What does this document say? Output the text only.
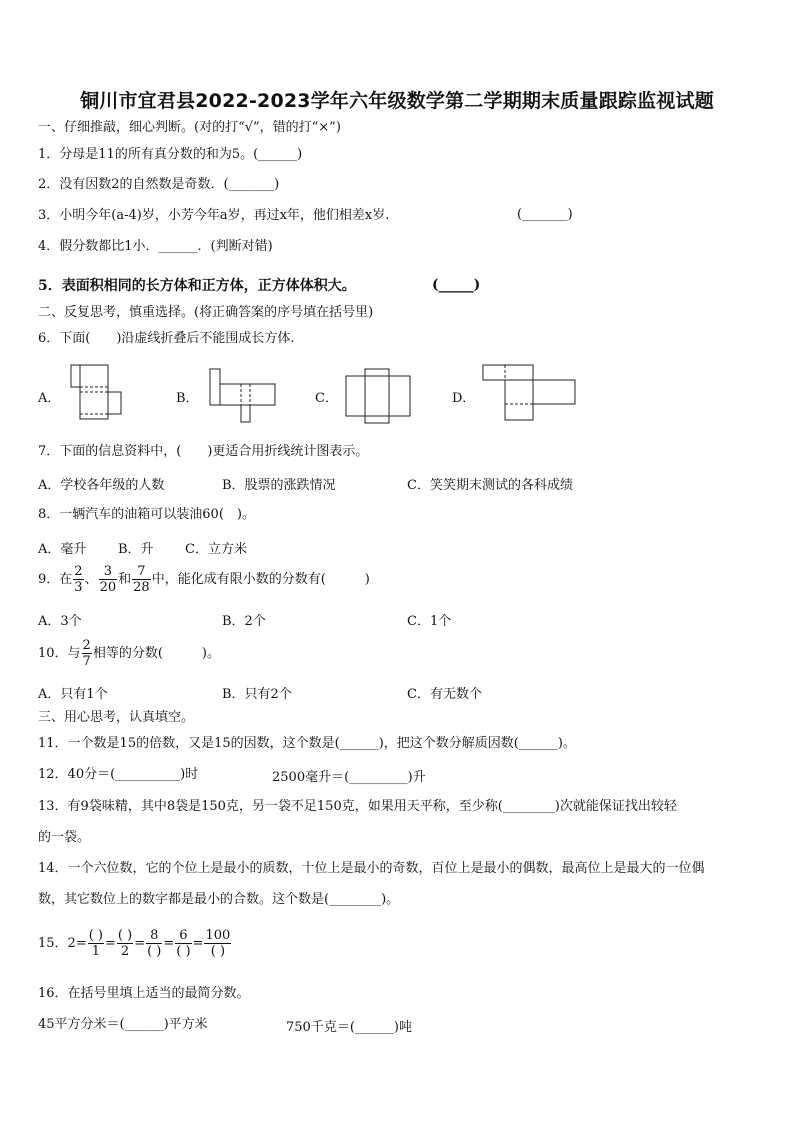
铜川市宜君县2022-2023学年六年级数学第二学期期末质量跟踪监视试题
一、仔细推敲，细心判断。(对的打“√”，错的打“×”)
1．分母是11的所有真分数的和为5。(______)
2．没有因数2的自然数是奇数．(_______)
3．小明今年(a-4)岁，小芳今年a岁，再过x年，他们相差x岁.	(_______)
4．假分数都比1小．______．(判断对错)
5．表面积相同的长方体和正方体，正方体体积大。	(_____)
二、反复思考，慎重选择。(将正确答案的序号填在括号里)
6．下面(　　)沿虚线折叠后不能围成长方体.
A．	B．	C．	D．
7．下面的信息资料中，(　　)更适合用折线统计图表示。
A．学校各年级的人数	B．股票的涨跌情况	C．笑笑期末测试的各科成绩
8．一辆汽车的油箱可以装油60(　)。
A．毫升 B．升 C．立方米
9．在 $\frac{2}{3}$ 、 $\frac{3}{20}$ 和 $\frac{7}{28}$ 中，能化成有限小数的分数有(　　　)
A．3个	B．2个	C．1个
10．与 $\frac{2}{7}$ 相等的分数(　　　)。
A．只有1个	B．只有2个	C．有无数个
三、用心思考，认真填空。
11．一个数是15的倍数，又是15的因数，这个数是(______)，把这个数分解质因数(______)。
12．40分＝(__________)时	2500毫升＝(_________)升
13．有9袋味精，其中8袋是150克，另一袋不足150克，如果用天平称，至少称(________)次就能保证找出较轻
的一袋。
14．一个六位数，它的个位上是最小的质数，十位上是最小的奇数，百位上是最小的偶数，最高位上是最大的一位偶
数，其它数位上的数字都是最小的合数。这个数是(________)。
15．$2= \frac{( )}{1} = \frac{( )}{2} = \frac{8}{( )} = \frac{6}{( )} = \frac{100}{( )}$
16．在括号里填上适当的最简分数。
45平方分米＝(______)平方米	750千克＝(______)吨
